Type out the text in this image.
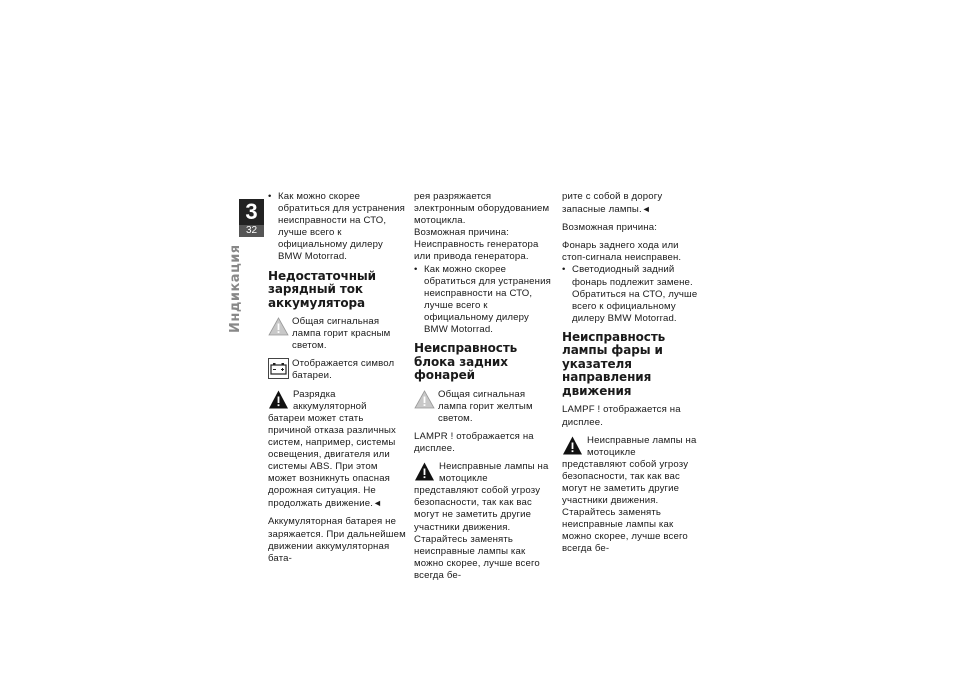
3
32
Индикация
• Как можно скорее обратиться для устранения неисправности на СТО, лучше всего к официальному дилеру BMW Motorrad.
Недостаточный зарядный ток аккумулятора
Общая сигнальная лампа горит красным светом.
Отображается символ батареи.
Разрядка аккумуляторной батареи может стать причиной отказа различных систем, например, системы освещения, двигателя или системы ABS. При этом может возникнуть опасная дорожная ситуация. Не продолжать движение.◄

Аккумуляторная батарея не заряжается. При дальнейшем движении аккумуляторная бата-

рея разряжается электронным оборудованием мотоцикла.

Возможная причина:

Неисправность генератора или привода генератора.

• Как можно скорее обратиться для устранения неисправности на СТО, лучше всего к официальному дилеру BMW Motorrad.
Неисправность блока задних фонарей
Общая сигнальная лампа горит желтым светом.

LAMPR ! отображается на дисплее.

Неисправные лампы на мотоцикле представляют собой угрозу безопасности, так как вас могут не заметить другие участники движения. Старайтесь заменять неисправные лампы как можно скорее, лучше всего всегда бе-

рите с собой в дорогу запасные лампы.◄

Возможная причина:

Фонарь заднего хода или стоп-сигнала неисправен.

• Светодиодный задний фонарь подлежит замене. Обратиться на СТО, лучше всего к официальному дилеру BMW Motorrad.
Неисправность лампы фары и указателя направления движения

LAMPF ! отображается на дисплее.

Неисправные лампы на мотоцикле представляют собой угрозу безопасности, так как вас могут не заметить другие участники движения. Старайтесь заменять неисправные лампы как можно скорее, лучше всего всегда бе-
